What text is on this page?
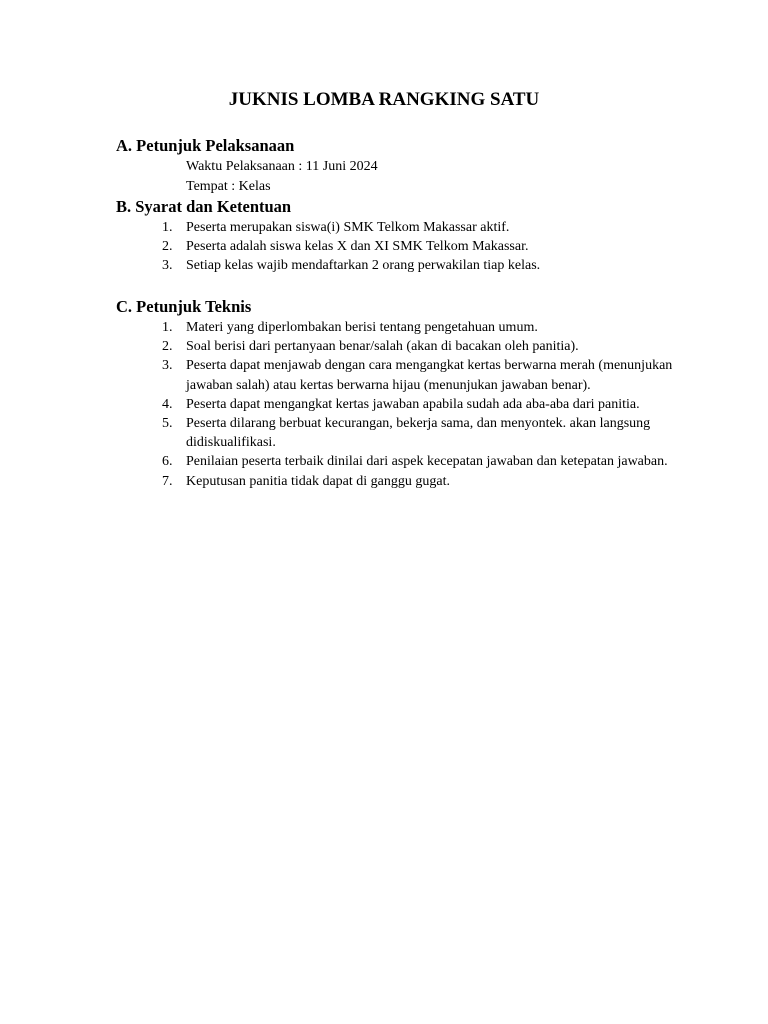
JUKNIS LOMBA RANGKING SATU
A. Petunjuk Pelaksanaan
Waktu Pelaksanaan : 11 Juni 2024
Tempat : Kelas
B. Syarat dan Ketentuan
1. Peserta merupakan siswa(i) SMK Telkom Makassar aktif.
2. Peserta adalah siswa kelas X dan XI SMK Telkom Makassar.
3. Setiap kelas wajib mendaftarkan 2 orang perwakilan tiap kelas.
C. Petunjuk Teknis
1. Materi yang diperlombakan berisi tentang pengetahuan umum.
2. Soal berisi dari pertanyaan benar/salah (akan di bacakan oleh panitia).
3. Peserta dapat menjawab dengan cara mengangkat kertas berwarna merah (menunjukan jawaban salah) atau kertas berwarna hijau (menunjukan jawaban benar).
4. Peserta dapat mengangkat kertas jawaban apabila sudah ada aba-aba dari panitia.
5. Peserta dilarang berbuat kecurangan, bekerja sama, dan menyontek. akan langsung didiskualifikasi.
6. Penilaian peserta terbaik dinilai dari aspek kecepatan jawaban dan ketepatan jawaban.
7. Keputusan panitia tidak dapat di ganggu gugat.
